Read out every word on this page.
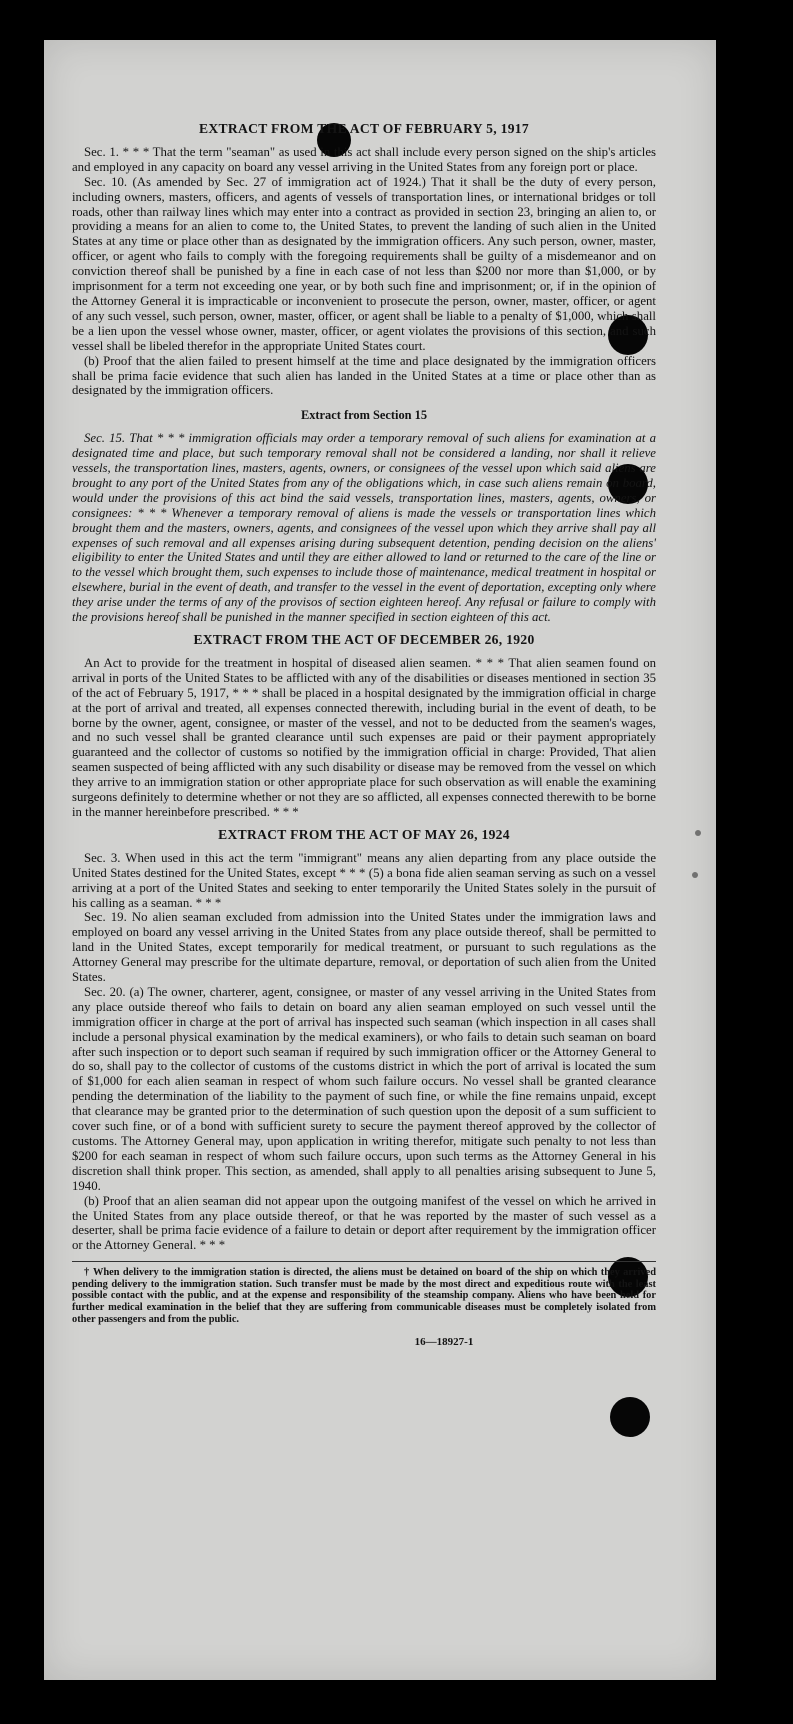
EXTRACT FROM THE ACT OF FEBRUARY 5, 1917

Sec. 1. * * * That the term "seaman" as used in this act shall include every person signed on the ship's articles and employed in any capacity on board any vessel arriving in the United States from any foreign port or place.

Sec. 10. (As amended by Sec. 27 of immigration act of 1924.) That it shall be the duty of every person, including owners, masters, officers, and agents of vessels of transportation lines, or international bridges or toll roads, other than railway lines which may enter into a contract as provided in section 23, bringing an alien to, or providing a means for an alien to come to, the United States, to prevent the landing of such alien in the United States at any time or place other than as designated by the immigration officers. Any such person, owner, master, officer, or agent who fails to comply with the foregoing requirements shall be guilty of a misdemeanor and on conviction thereof shall be punished by a fine in each case of not less than $200 nor more than $1,000, or by imprisonment for a term not exceeding one year, or by both such fine and imprisonment; or, if in the opinion of the Attorney General it is impracticable or inconvenient to prosecute the person, owner, master, officer, or agent of any such vessel, such person, owner, master, officer, or agent shall be liable to a penalty of $1,000, which shall be a lien upon the vessel whose owner, master, officer, or agent violates the provisions of this section, and such vessel shall be libeled therefor in the appropriate United States court.

(b) Proof that the alien failed to present himself at the time and place designated by the immigration officers shall be prima facie evidence that such alien has landed in the United States at a time or place other than as designated by the immigration officers.

Extract from Section 15

Sec. 15. That * * * immigration officials may order a temporary removal of such aliens for examination at a designated time and place, but such temporary removal shall not be considered a landing, nor shall it relieve vessels, the transportation lines, masters, agents, owners, or consignees of the vessel upon which said aliens are brought to any port of the United States from any of the obligations which, in case such aliens remain on board, would under the provisions of this act bind the said vessels, transportation lines, masters, agents, owners, or consignees: * * * Whenever a temporary removal of aliens is made the vessels or transportation lines which brought them and the masters, owners, agents, and consignees of the vessel upon which they arrive shall pay all expenses of such removal and all expenses arising during subsequent detention, pending decision on the aliens' eligibility to enter the United States and until they are either allowed to land or returned to the care of the line or to the vessel which brought them, such expenses to include those of maintenance, medical treatment in hospital or elsewhere, burial in the event of death, and transfer to the vessel in the event of deportation, excepting only where they arise under the terms of any of the provisos of section eighteen hereof. Any refusal or failure to comply with the provisions hereof shall be punished in the manner specified in section eighteen of this act.

EXTRACT FROM THE ACT OF DECEMBER 26, 1920

An Act to provide for the treatment in hospital of diseased alien seamen. * * * That alien seamen found on arrival in ports of the United States to be afflicted with any of the disabilities or diseases mentioned in section 35 of the act of February 5, 1917, * * * shall be placed in a hospital designated by the immigration official in charge at the port of arrival and treated, all expenses connected therewith, including burial in the event of death, to be borne by the owner, agent, consignee, or master of the vessel, and not to be deducted from the seamen's wages, and no such vessel shall be granted clearance until such expenses are paid or their payment appropriately guaranteed and the collector of customs so notified by the immigration official in charge: Provided, That alien seamen suspected of being afflicted with any such disability or disease may be removed from the vessel on which they arrive to an immigration station or other appropriate place for such observation as will enable the examining surgeons definitely to determine whether or not they are so afflicted, all expenses connected therewith to be borne in the manner hereinbefore prescribed. * * *

EXTRACT FROM THE ACT OF MAY 26, 1924

Sec. 3. When used in this act the term "immigrant" means any alien departing from any place outside the United States destined for the United States, except * * * (5) a bona fide alien seaman serving as such on a vessel arriving at a port of the United States and seeking to enter temporarily the United States solely in the pursuit of his calling as a seaman. * * *

Sec. 19. No alien seaman excluded from admission into the United States under the immigration laws and employed on board any vessel arriving in the United States from any place outside thereof, shall be permitted to land in the United States, except temporarily for medical treatment, or pursuant to such regulations as the Attorney General may prescribe for the ultimate departure, removal, or deportation of such alien from the United States.

Sec. 20. (a) The owner, charterer, agent, consignee, or master of any vessel arriving in the United States from any place outside thereof who fails to detain on board any alien seaman employed on such vessel until the immigration officer in charge at the port of arrival has inspected such seaman (which inspection in all cases shall include a personal physical examination by the medical examiners), or who fails to detain such seaman on board after such inspection or to deport such seaman if required by such immigration officer or the Attorney General to do so, shall pay to the collector of customs of the customs district in which the port of arrival is located the sum of $1,000 for each alien seaman in respect of whom such failure occurs. No vessel shall be granted clearance pending the determination of the liability to the payment of such fine, or while the fine remains unpaid, except that clearance may be granted prior to the determination of such question upon the deposit of a sum sufficient to cover such fine, or of a bond with sufficient surety to secure the payment thereof approved by the collector of customs. The Attorney General may, upon application in writing therefor, mitigate such penalty to not less than $200 for each seaman in respect of whom such failure occurs, upon such terms as the Attorney General in his discretion shall think proper. This section, as amended, shall apply to all penalties arising subsequent to June 5, 1940.

(b) Proof that an alien seaman did not appear upon the outgoing manifest of the vessel on which he arrived in the United States from any place outside thereof, or that he was reported by the master of such vessel as a deserter, shall be prima facie evidence of a failure to detain or deport after requirement by the immigration officer or the Attorney General. * * *

† When delivery to the immigration station is directed, the aliens must be detained on board of the ship on which they arrived pending delivery to the immigration station. Such transfer must be made by the most direct and expeditious route with the least possible contact with the public, and at the expense and responsibility of the steamship company. Aliens who have been held for further medical examination in the belief that they are suffering from communicable diseases must be completely isolated from other passengers and from the public.

16—18927-1
